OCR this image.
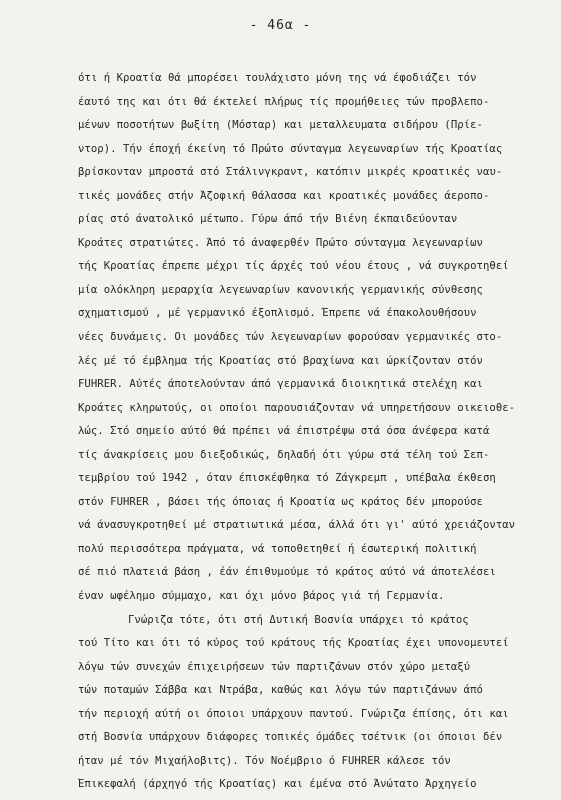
- 46α -
ότι ή Κροατία θά μπορέσει τουλάχιστο μόνη της νά έφοδιάζει τόν
έαυτό της και ότι θά έκτελεί πλήρως τίς προμήθειες τών προβλεπο-
μένων ποσοτήτων βωξίτη (Μόσταρ) και μεταλλευματα σιδήρου (Πρίε-
ντορ). Τήν έποχή έκείνη τό Πρώτο σύνταγμα λεγεωναρίων τής Κροατίας
βρίσκονταν μπροστά στό Στάλινγκραντ, κατόπιν μικρές κροατικές ναυ-
τικές μονάδες στήν Άζοφική θάλασσα και κροατικές μονάδες άεροπο-
ρίας στό άνατολικό μέτωπο. Γύρω άπό τήν Βιένη έκπαιδεύονταν
Κροάτες στρατιώτες. Άπό τό άναφερθέν Πρώτο σύνταγμα λεγεωναρίων
τής Κροατίας έπρεπε μέχρι τίς άρχές τού νέου έτους , νά συγκροτηθεί
μία ολόκληρη μεραρχία λεγεωναρίων κανονικής γερμανικής σύνθεσης
σχηματισμού , μέ γερμανικό έξοπλισμό. Έπρεπε νά έπακολουθήσουν
νέες δυνάμεις. Οι μονάδες τών λεγεωναρίων φορούσαν γερμανικές στο-
λές μέ τό έμβλημα τής Κροατίας στό βραχίωνα και ώρκίζονταν στόν
FUHRER. Αύτές άποτελούνταν άπό γερμανικά διοικητικά στελέχη και
Κροάτες κληρωτούς, οι οποίοι παρουσιάζονταν νά υπηρετήσουν οικειοθε-
λώς. Στό σημείο αύτό θά πρέπει νά έπιστρέψω στά όσα άνέφερα κατά
τίς άνακρίσεις μου διεξοδικώς, δηλαδή ότι γύρω στά τέλη τού Σεπ-
τεμβρίου τού 1942 , όταν έπισκέφθηκα τό Ζάγκρεμπ , υπέβαλα έκθεση
στόν FUHRER , βάσει τής όποιας ή Κροατία ως κράτος δέν μπορούσε
νά άνασυγκροτηθεί μέ στρατιωτικά μέσα, άλλά ότι γι' αύτό χρειάζονταν
πολύ περισσότερα πράγματα, νά τοποθετηθεί ή έσωτερική πολιτική
σέ πιό πλατειά βάση , έάν έπιθυμούμε τό κράτος αύτό νά άποτελέσει
έναν ωφέλημο σύμμαχο, και όχι μόνο βάρος γιά τή Γερμανία.
Γνώριζα τότε, ότι στή Δυτική Βοσνία υπάρχει τό κράτος
τού Τίτο και ότι τό κύρος τού κράτους τής Κροατίας έχει υπονομευτεί
λόγω τών συνεχών έπιχειρήσεων τών παρτιζάνων στόν χώρο μεταξύ
τών ποταμών Σάββα και Ντράβα, καθώς και λόγω τών παρτιζάνων άπό
τήν περιοχή αύτή οι όποιοι υπάρχουν παντού. Γνώριζα έπίσης, ότι και
στή Βοσνία υπάρχουν διάφορες τοπικές όμάδες τσέτνικ (οι όποιοι δέν
ήταν μέ τόν Μιχαήλοβιτς). Τόν Νοέμβριο ό FUHRER κάλεσε τόν
Έπικεφαλή (άρχηγό τής Κροατίας) και έμένα στό Άνώτατο Άρχηγείο
